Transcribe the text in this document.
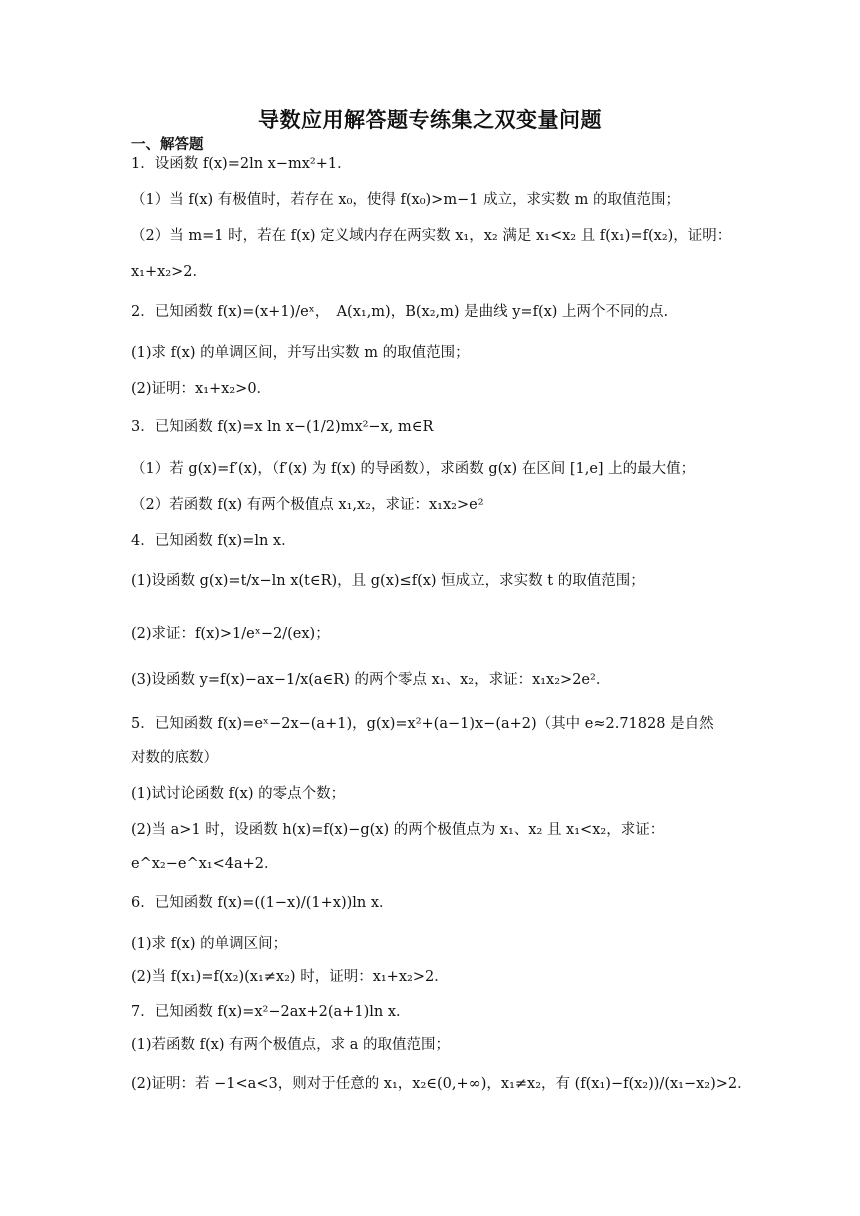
导数应用解答题专练集之双变量问题
一、解答题
1．设函数 f(x)=2ln x−mx²+1．
（1）当 f(x) 有极值时，若存在 x₀，使得 f(x₀)>m−1 成立，求实数 m 的取值范围；
（2）当 m=1 时，若在 f(x) 定义域内存在两实数 x₁，x₂ 满足 x₁<x₂ 且 f(x₁)=f(x₂)，证明：
x₁+x₂>2．
2．已知函数 f(x)=(x+1)/eˣ，　A(x₁,m)，B(x₂,m) 是曲线 y=f(x) 上两个不同的点.
(1)求 f(x) 的单调区间，并写出实数 m 的取值范围；
(2)证明：x₁+x₂>0．
3．已知函数 f(x)=x ln x−(1/2)mx²−x, m∈R
（1）若 g(x)=f′(x)，（f′(x) 为 f(x) 的导函数），求函数 g(x) 在区间 [1,e] 上的最大值；
（2）若函数 f(x) 有两个极值点 x₁,x₂，求证：x₁x₂>e²
4．已知函数 f(x)=ln x．
(1)设函数 g(x)=t/x−ln x(t∈R)，且 g(x)≤f(x) 恒成立，求实数 t 的取值范围；
(2)求证：f(x)>1/eˣ−2/(ex)；
(3)设函数 y=f(x)−ax−1/x(a∈R) 的两个零点 x₁、x₂，求证：x₁x₂>2e²．
5．已知函数 f(x)=eˣ−2x−(a+1)，g(x)=x²+(a−1)x−(a+2)（其中 e≈2.71828 是自然
对数的底数）
(1)试讨论函数 f(x) 的零点个数；
(2)当 a>1 时，设函数 h(x)=f(x)−g(x) 的两个极值点为 x₁、x₂ 且 x₁<x₂，求证：
e^x₂−e^x₁<4a+2．
6．已知函数 f(x)=((1−x)/(1+x))ln x．
(1)求 f(x) 的单调区间；
(2)当 f(x₁)=f(x₂)(x₁≠x₂) 时，证明：x₁+x₂>2．
7．已知函数 f(x)=x²−2ax+2(a+1)ln x．
(1)若函数 f(x) 有两个极值点，求 a 的取值范围；
(2)证明：若 −1<a<3，则对于任意的 x₁，x₂∈(0,+∞)，x₁≠x₂，有 (f(x₁)−f(x₂))/(x₁−x₂)>2．
